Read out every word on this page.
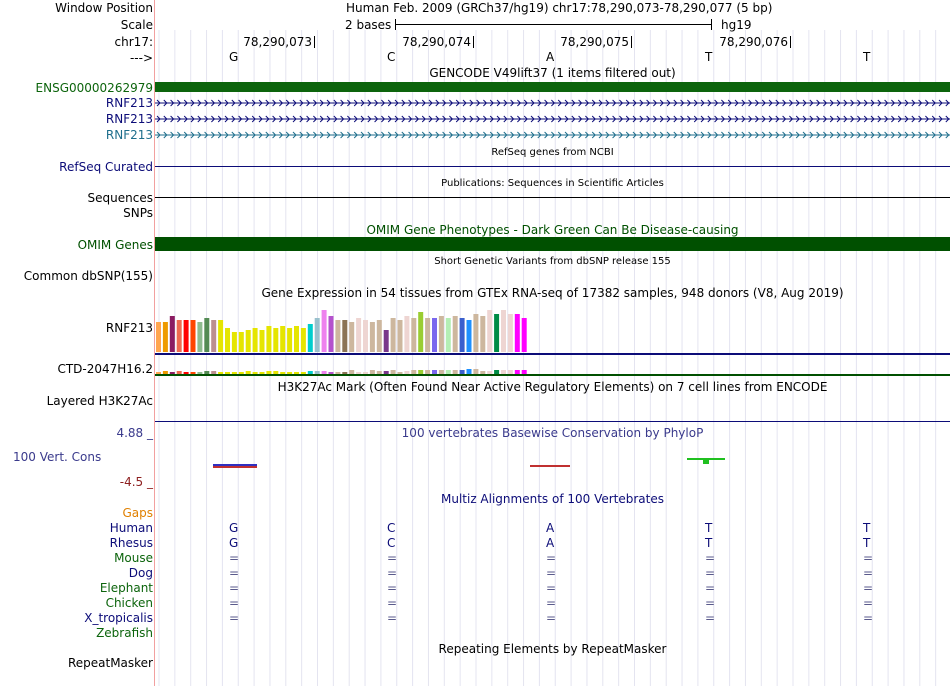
Window Position	Human Feb. 2009 (GRCh37/hg19) chr17:78,290,073-78,290,077 (5 bp)
Scale	2 bases	hg19
chr17:	78,290,073	78,290,074	78,290,075	78,290,076
--->	G	C	A	T	T
GENCODE V49lift37 (1 items filtered out)
ENSG00000262979
RNF213
RNF213
RNF213
RefSeq genes from NCBI
RefSeq Curated
Publications: Sequences in Scientific Articles
Sequences
SNPs
OMIM Gene Phenotypes - Dark Green Can Be Disease-causing
OMIM Genes
Short Genetic Variants from dbSNP release 155
Common dbSNP(155)
Gene Expression in 54 tissues from GTEx RNA-seq of 17382 samples, 948 donors (V8, Aug 2019)
RNF213
CTD-2047H16.2
H3K27Ac Mark (Often Found Near Active Regulatory Elements) on 7 cell lines from ENCODE
Layered H3K27Ac
4.88 _	100 vertebrates Basewise Conservation by PhyloP
100 Vert. Cons
-4.5 _
Multiz Alignments of 100 Vertebrates
Gaps
Human	G	C	A	T	T
Rhesus	G	C	A	T	T
Mouse	=	=	=	=	=
Dog	=	=	=	=	=
Elephant	=	=	=	=	=
Chicken	=	=	=	=	=
X_tropicalis	=	=	=	=	=
Zebrafish
Repeating Elements by RepeatMasker
RepeatMasker
